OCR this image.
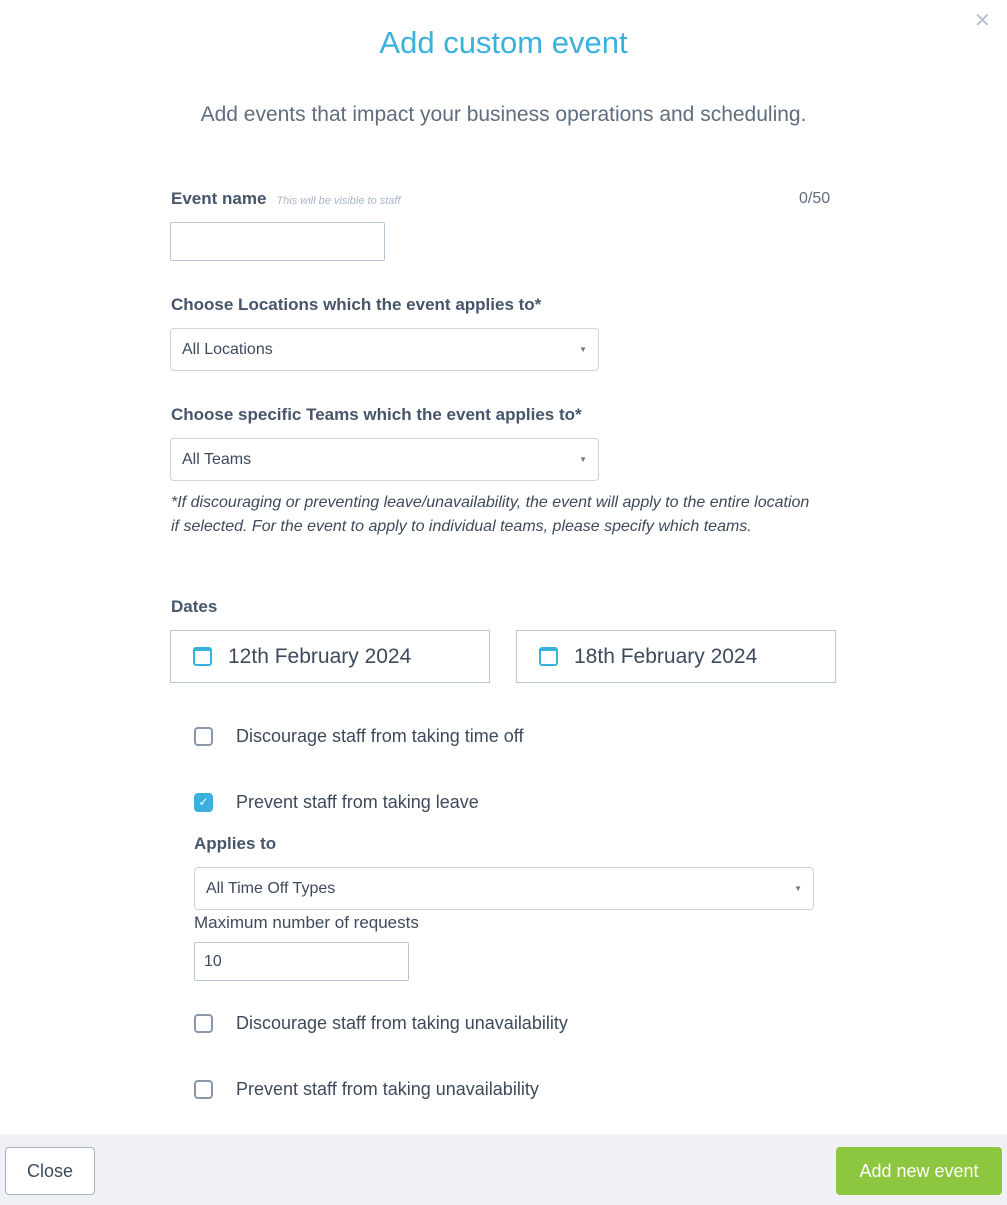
✕
Add custom event
Add events that impact your business operations and scheduling.
Event name This will be visible to staff	0/50
Choose Locations which the event applies to*
All Locations	▼
Choose specific Teams which the event applies to*
All Teams	▼
*If discouraging or preventing leave/unavailability, the event will apply to the entire location if selected. For the event to apply to individual teams, please specify which teams.
Dates
12th February 2024	18th February 2024
Discourage staff from taking time off
✓ Prevent staff from taking leave
Applies to
All Time Off Types	▼
Maximum number of requests
10
Discourage staff from taking unavailability
Prevent staff from taking unavailability
Close	Add new event
